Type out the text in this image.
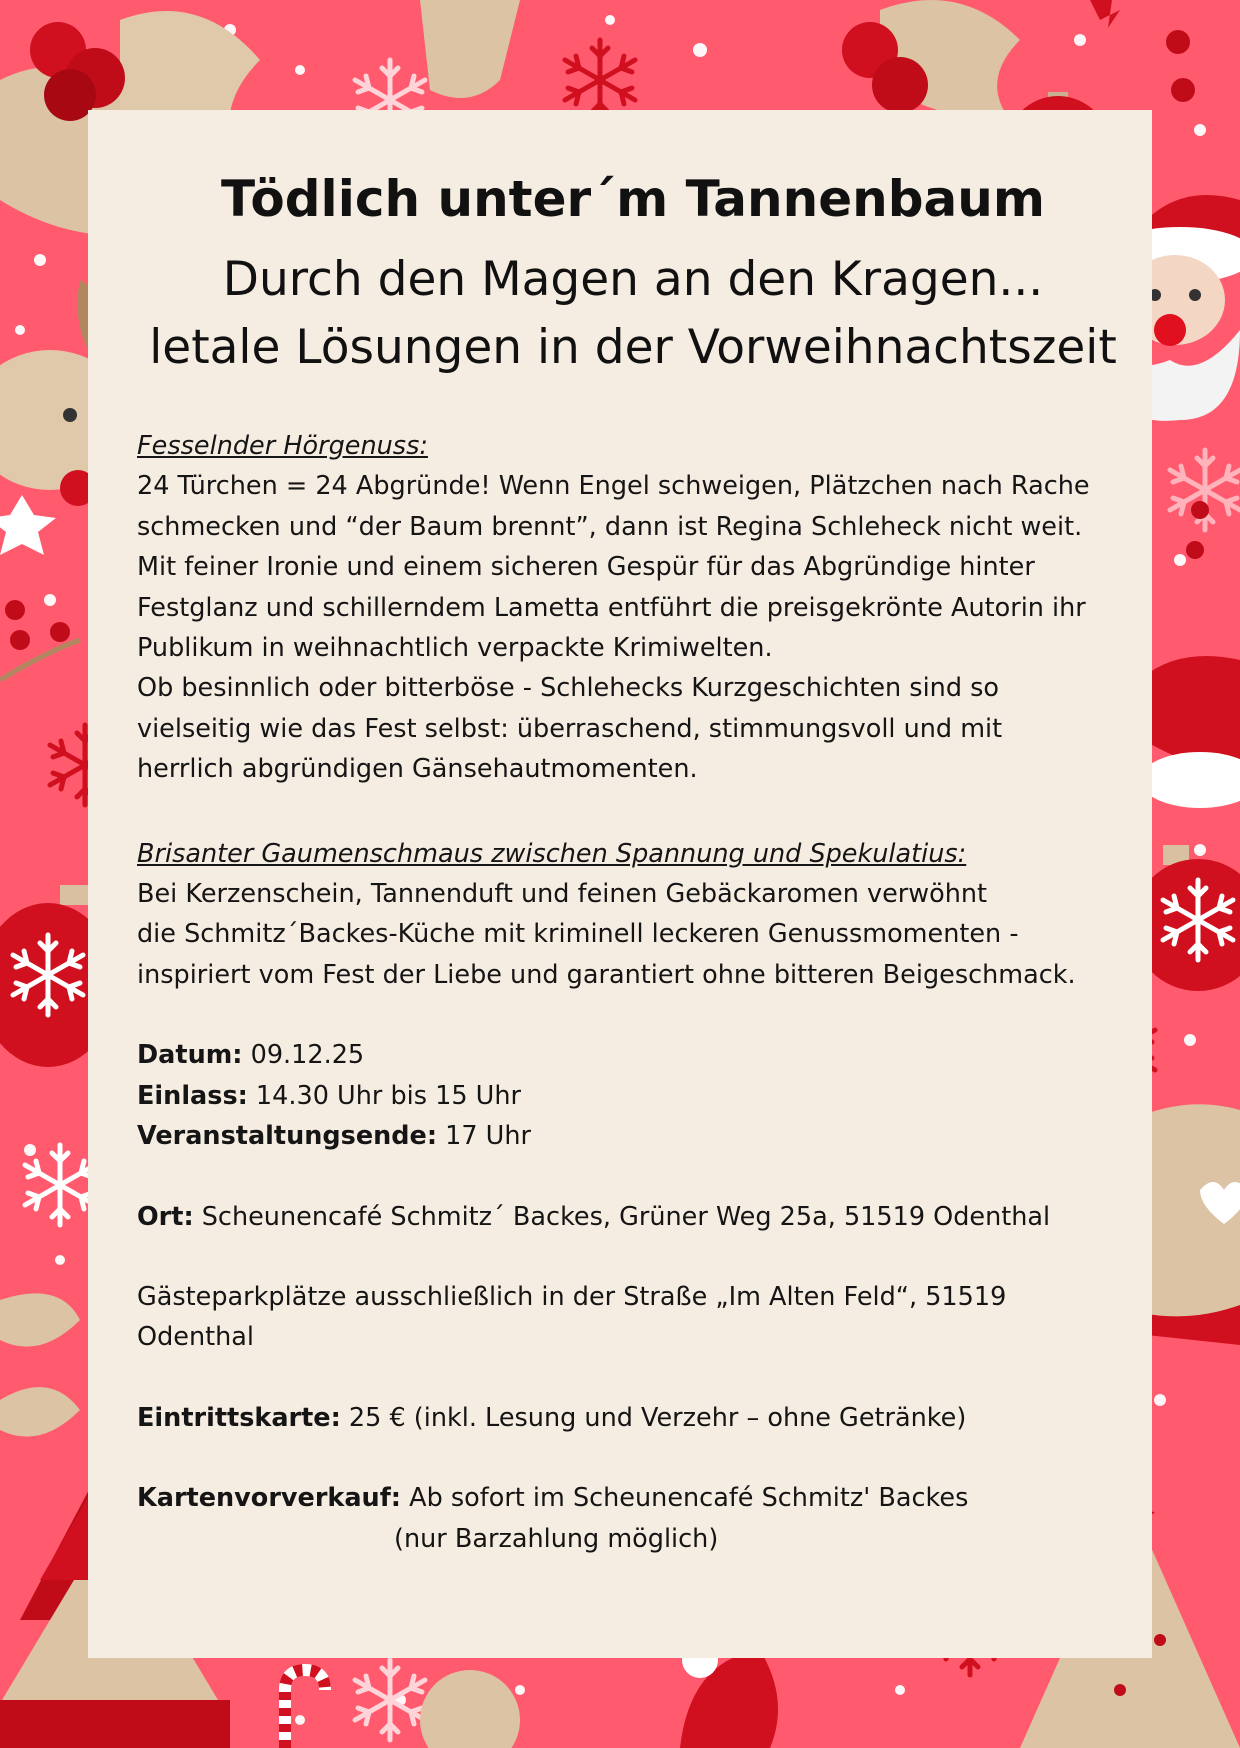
Tödlich unter´m Tannenbaum

Durch den Magen an den Kragen...

letale Lösungen in der Vorweihnachtszeit

Fesselnder Hörgenuss:

24 Türchen = 24 Abgründe! Wenn Engel schweigen, Plätzchen nach Rache

schmecken und “der Baum brennt”, dann ist Regina Schleheck nicht weit.

Mit feiner Ironie und einem sicheren Gespür für das Abgründige hinter

Festglanz und schillerndem Lametta entführt die preisgekrönte Autorin ihr

Publikum in weihnachtlich verpackte Krimiwelten.

Ob besinnlich oder bitterböse - Schlehecks Kurzgeschichten sind so

vielseitig wie das Fest selbst: überraschend, stimmungsvoll und mit

herrlich abgründigen Gänsehautmomenten.

Brisanter Gaumenschmaus zwischen Spannung und Spekulatius:

Bei Kerzenschein, Tannenduft und feinen Gebäckaromen verwöhnt

die Schmitz´Backes-Küche mit kriminell leckeren Genussmomenten -

inspiriert vom Fest der Liebe und garantiert ohne bitteren Beigeschmack.

Datum: 09.12.25

Einlass: 14.30 Uhr bis 15 Uhr

Veranstaltungsende: 17 Uhr

Ort: Scheunencafé Schmitz´ Backes, Grüner Weg 25a, 51519 Odenthal

Gästeparkplätze ausschließlich in der Straße „Im Alten Feld“, 51519

Odenthal

Eintrittskarte: 25 € (inkl. Lesung und Verzehr – ohne Getränke)

Kartenvorverkauf: Ab sofort im Scheunencafé Schmitz' Backes

(nur Barzahlung möglich)
